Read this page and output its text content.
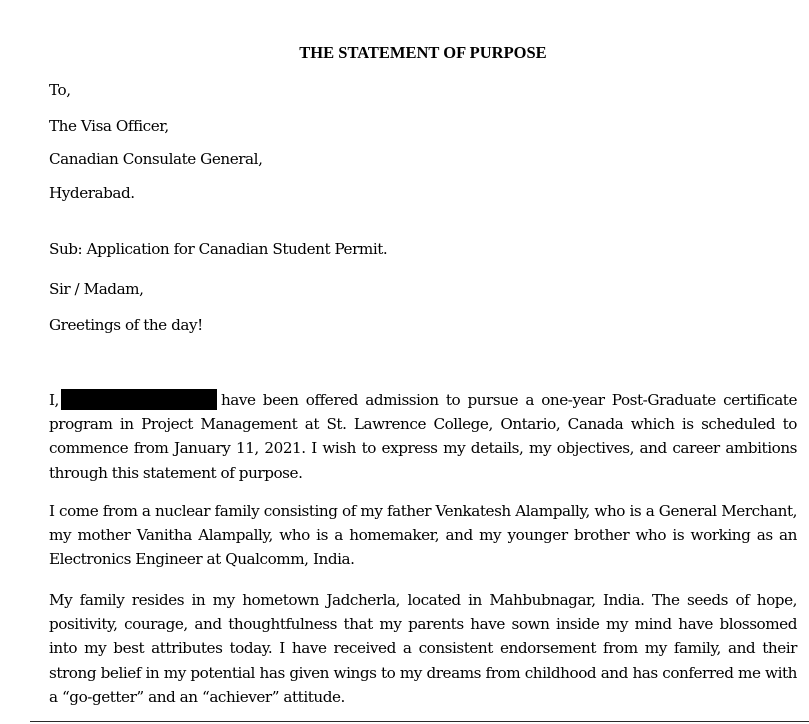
THE STATEMENT OF PURPOSE

To,

The Visa Officer,

Canadian Consulate General,

Hyderabad.

Sub: Application for Canadian Student Permit.

Sir / Madam,

Greetings of the day!

I,	have been offered admission to pursue a one-year Post-Graduate certificate program in Project Management at St. Lawrence College, Ontario, Canada which is scheduled to commence from January 11, 2021. I wish to express my details, my objectives, and career ambitions through this statement of purpose.

I come from a nuclear family consisting of my father Venkatesh Alampally, who is a General Merchant, my mother Vanitha Alampally, who is a homemaker, and my younger brother who is working as an Electronics Engineer at Qualcomm, India.

My family resides in my hometown Jadcherla, located in Mahbubnagar, India. The seeds of hope, positivity, courage, and thoughtfulness that my parents have sown inside my mind have blossomed into my best attributes today. I have received a consistent endorsement from my family, and their strong belief in my potential has given wings to my dreams from childhood and has conferred me with a “go-getter” and an “achiever” attitude.
